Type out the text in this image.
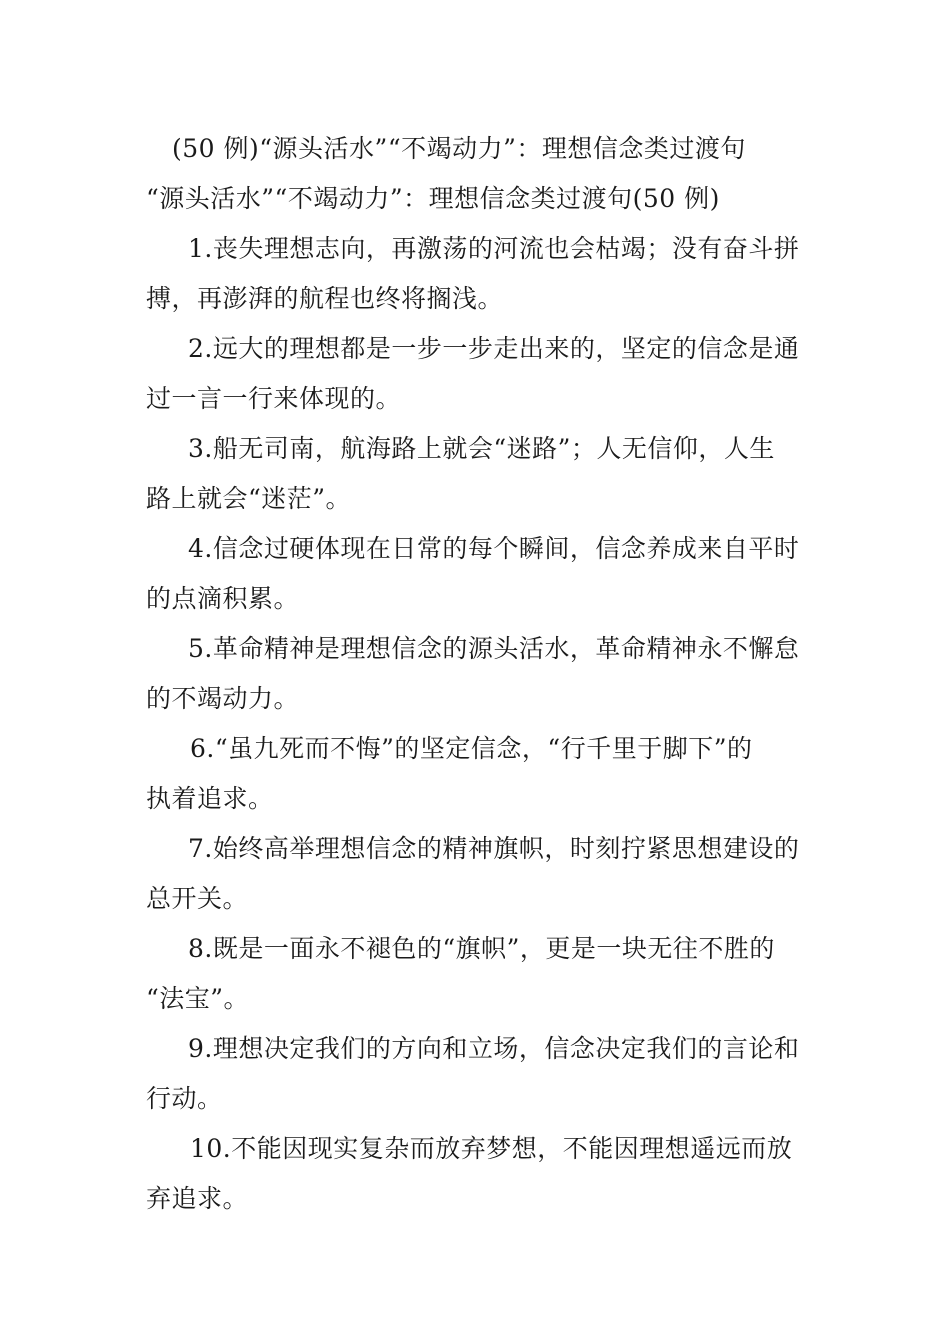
(50 例)“源头活水”“不竭动力”：理想信念类过渡句
“源头活水”“不竭动力”：理想信念类过渡句(50 例)
1.丧失理想志向，再激荡的河流也会枯竭；没有奋斗拼
搏，再澎湃的航程也终将搁浅。
2.远大的理想都是一步一步走出来的，坚定的信念是通
过一言一行来体现的。
3.船无司南，航海路上就会“迷路”；人无信仰，人生
路上就会“迷茫”。
4.信念过硬体现在日常的每个瞬间，信念养成来自平时
的点滴积累。
5.革命精神是理想信念的源头活水，革命精神永不懈怠
的不竭动力。
6.“虽九死而不悔”的坚定信念，“行千里于脚下”的
执着追求。
7.始终高举理想信念的精神旗帜，时刻拧紧思想建设的
总开关。
8.既是一面永不褪色的“旗帜”，更是一块无往不胜的
“法宝”。
9.理想决定我们的方向和立场，信念决定我们的言论和
行动。
10.不能因现实复杂而放弃梦想，不能因理想遥远而放
弃追求。
